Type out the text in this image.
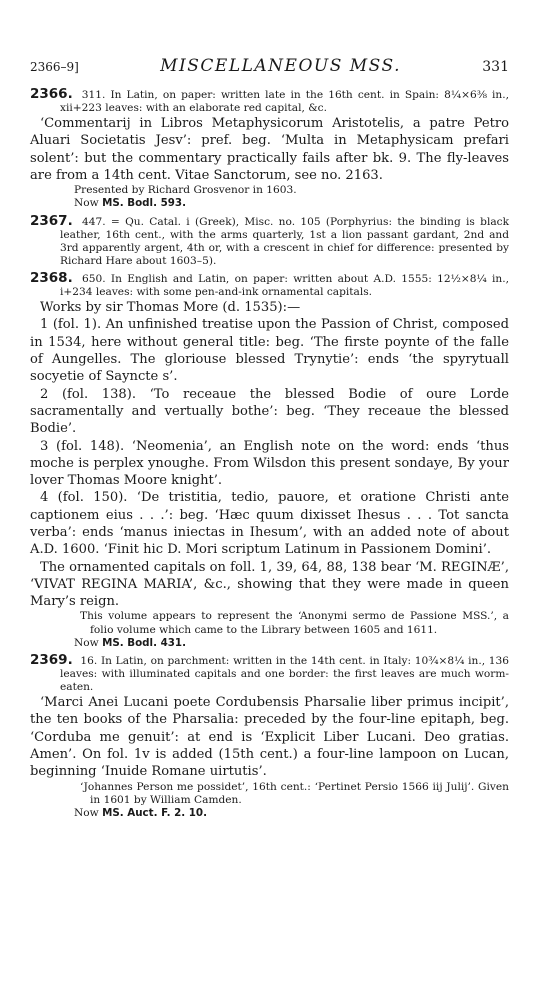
2366–9]	MISCELLANEOUS MSS.	331

2366. 311. In Latin, on paper: written late in the 16th cent. in Spain: 8¼×6⅜ in., xii+223 leaves: with an elaborate red capital, &c.

‘Commentarij in Libros Metaphysicorum Aristotelis, a patre Petro Aluari Societatis Jesv’: pref. beg. ‘Multa in Metaphysicam prefari solent’: but the commentary practically fails after bk. 9. The fly-leaves are from a 14th cent. Vitae Sanctorum, see no. 2163.

Presented by Richard Grosvenor in 1603.

Now MS. Bodl. 593.

2367. 447. = Qu. Catal. i (Greek), Misc. no. 105 (Porphyrius: the binding is black leather, 16th cent., with the arms quarterly, 1st a lion passant gardant, 2nd and 3rd apparently argent, 4th or, with a crescent in chief for difference: presented by Richard Hare about 1603–5).

2368. 650. In English and Latin, on paper: written about A.D. 1555: 12½×8¼ in., i+234 leaves: with some pen-and-ink ornamental capitals.

Works by sir Thomas More (d. 1535):—

1 (fol. 1). An unfinished treatise upon the Passion of Christ, composed in 1534, here without general title: beg. ‘The firste poynte of the falle of Aungelles. The gloriouse blessed Trynytie’: ends ‘the spyrytuall socyetie of Sayncte s’.

2 (fol. 138). ‘To receaue the blessed Bodie of oure Lorde sacramentally and vertually bothe’: beg. ‘They receaue the blessed Bodie’.

3 (fol. 148). ‘Neomenia’, an English note on the word: ends ‘thus moche is perplex ynoughe. From Wilsdon this present sondaye, By your lover Thomas Moore knight’.

4 (fol. 150). ‘De tristitia, tedio, pauore, et oratione Christi ante captionem eius . . .’: beg. ‘Hæc quum dixisset Ihesus . . . Tot sancta verba’: ends ‘manus iniectas in Ihesum’, with an added note of about A.D. 1600. ‘Finit hic D. Mori scriptum Latinum in Passionem Domini’.

The ornamented capitals on foll. 1, 39, 64, 88, 138 bear ‘M. REGINÆ’, ‘VIVAT REGINA MARIA’, &c., showing that they were made in queen Mary’s reign.

This volume appears to represent the ‘Anonymi sermo de Passione MSS.’, a folio volume which came to the Library between 1605 and 1611.

Now MS. Bodl. 431.

2369. 16. In Latin, on parchment: written in the 14th cent. in Italy: 10¾×8¼ in., 136 leaves: with illuminated capitals and one border: the first leaves are much worm-eaten.

‘Marci Anei Lucani poete Cordubensis Pharsalie liber primus incipit’, the ten books of the Pharsalia: preceded by the four-line epitaph, beg. ‘Corduba me genuit’: at end is ‘Explicit Liber Lucani. Deo gratias. Amen’. On fol. 1v is added (15th cent.) a four-line lampoon on Lucan, beginning ‘Inuide Romane uirtutis’.

‘Johannes Person me possidet’, 16th cent.: ‘Pertinet Persio 1566 iij Julij’. Given in 1601 by William Camden.

Now MS. Auct. F. 2. 10.
